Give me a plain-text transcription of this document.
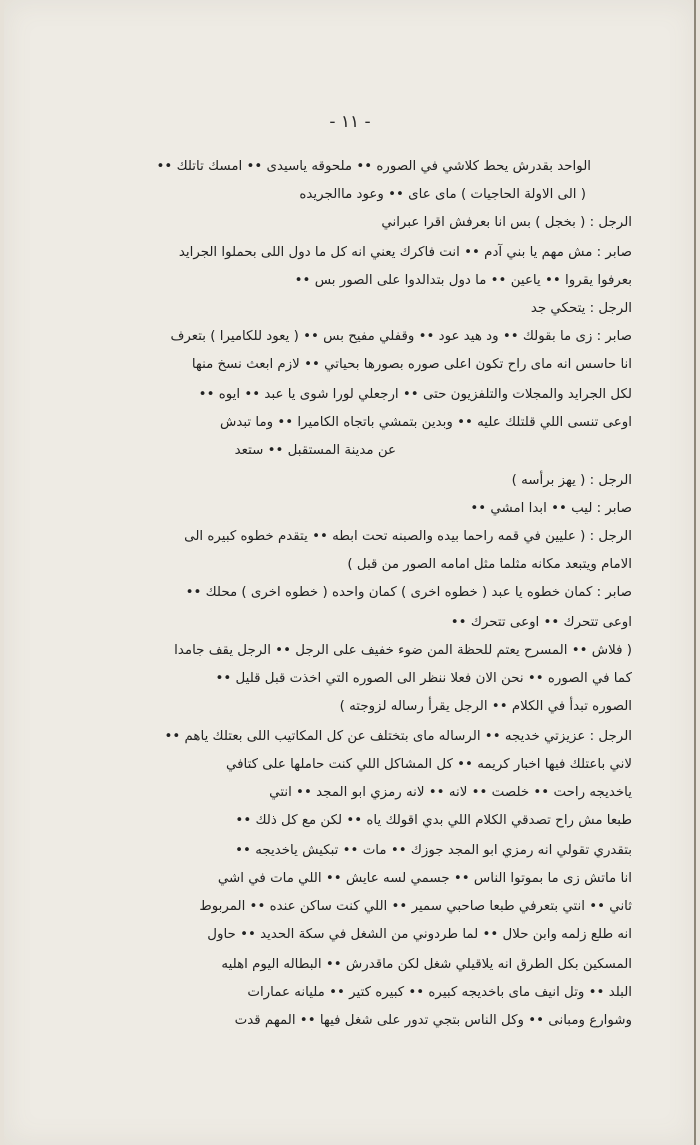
- ١١ -
الواحد بقدرش يحط كلاشي في الصوره •• ملحوقه ياسيدى •• امسك تاتلك ••
( الى الاولة الحاجيات ) ماى عاى •• وعود ماالجريده
الرجل : ( بخجل ) بس انا بعرفش اقرا عبراني
صابر : مش مهم يا بني آدم •• انت فاكرك يعني انه كل ما دول اللى بحملوا الجرايد
بعرفوا يقروا •• ياعين •• ما دول بتدالدوا على الصور بس ••
الرجل : يتحكي جد
صابر : زى ما بقولك •• ود هيد عود •• وقفلي مفيح بس •• ( يعود للكاميرا ) بتعرف
انا حاسس انه ماى راح تكون اعلى صوره بصورها بحياتي •• لازم ابعث نسخ منها
لكل الجرايد والمجلات والتلفزيون حتى •• ارجعلي لورا شوى يا عبد •• ايوه ••
اوعى تنسى اللي قلتلك عليه •• وبدين بتمشي باتجاه الكاميرا •• وما تبدش
عن مدينة المستقبل •• ستعد
الرجل : ( يهز برأسه )
صابر : ليب •• ابدا امشي ••
الرجل : ( عليين في قمه راحما بيده والصبنه تحت ابطه •• يتقدم خطوه كبيره الى
الامام ويتبعد مكانه مثلما مثل امامه الصور من قبل )
صابر : كمان خطوه يا عبد ( خطوه اخرى ) كمان واحده ( خطوه اخرى ) محلك ••
اوعى تتحرك •• اوعى تتحرك ••
( فلاش •• المسرح يعتم للحظة المن ضوء خفيف على الرجل •• الرجل يقف جامدا
كما في الصوره •• نحن الان فعلا ننظر الى الصوره التي اخذت قبل قليل ••
الصوره تبدأ في الكلام •• الرجل يقرأ رساله لزوجته )
الرجل : عزيزتي خديجه •• الرساله ماى بتختلف عن كل المكاتيب اللى بعتلك ياهم ••
لاني باعتلك فيها اخبار كريمه •• كل المشاكل اللي كنت حاملها على كتافي
ياخديجه راحت •• خلصت •• لانه •• لانه رمزي ابو المجد •• انتي
طبعا مش راح تصدقي الكلام اللي بدي اقولك ياه •• لكن مع كل ذلك ••
بتقدري تقولي انه رمزي ابو المجد جوزك •• مات •• تبكيش ياخديجه ••
انا ماتش زى ما بموتوا الناس •• جسمي لسه عايش •• اللي مات في اشي
ثاني •• انتي بتعرفي طبعا صاحبي سمير •• اللي كنت ساكن عنده •• المربوط
انه طلع زلمه وابن حلال •• لما طردوني من الشغل في سكة الحديد •• حاول
المسكين بكل الطرق انه يلاقيلي شغل لكن ماقدرش •• البطاله اليوم اهليه
البلد •• وتل انيف ماى باخديجه كبيره •• كبيره كتير •• مليانه عمارات
وشوارع ومبانى •• وكل الناس بتجي تدور على شغل فيها •• المهم قدت
